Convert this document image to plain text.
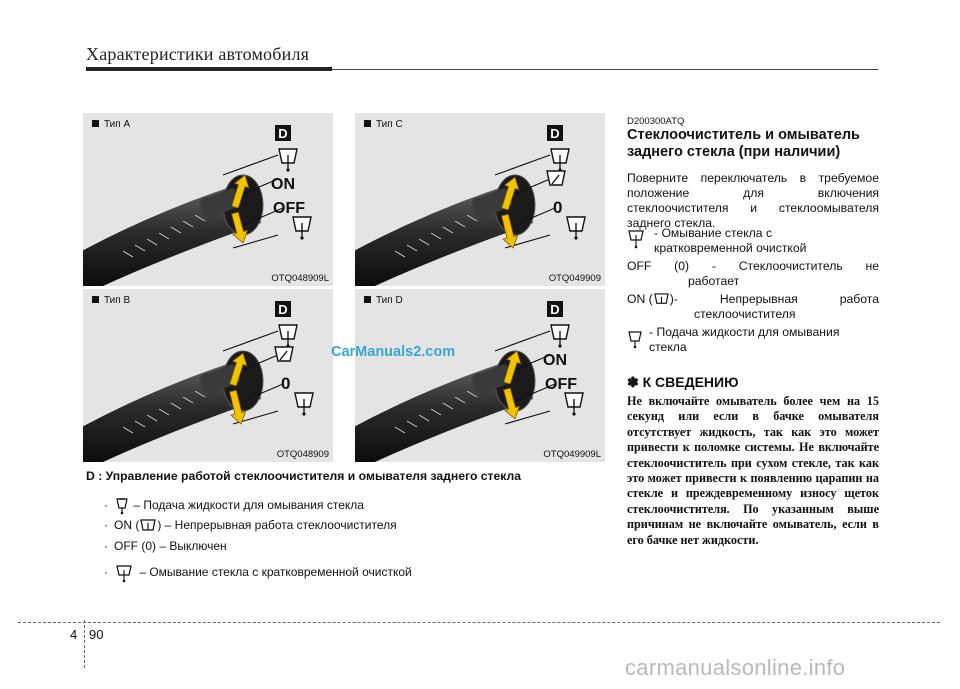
Характеристики автомобиля
D
ON
OFF
Тип A
OTQ048909L
D
0
Тип C
OTQ049909
D
0
Тип B
OTQ048909
D
ON
OFF
Тип D
OTQ049909L
D : Управление работой стеклоочистителя и омывателя заднего стекла
· – Подача жидкости для омывания стекла
· ON ( ) – Непрерывная работа стеклоочистителя
· OFF (0) – Выключен
·	– Омывание стекла с кратковременной очисткой
D200300ATQ
Стеклоочиститель и омыватель заднего стекла (при наличии)
Поверните переключатель в требуемое положение для включения стеклоочистителя и стеклоомывателя заднего стекла.
- Омывание стекла с кратковременной очисткой
OFF (0) - Стеклоочиститель не
работает
ON ( )- Непрерывная работа
стеклоочистителя
- Подача жидкости для омывания стекла
✽ К СВЕДЕНИЮ
Не включайте омыватель более чем на 15 секунд или если в бачке омывателя отсутствует жидкость, так как это может привести к поломке системы. Не включайте стеклоочиститель при сухом стекле, так как это может привести к появлению царапин на стекле и преждевременному износу щеток стеклоочистителя. По указанным выше причинам не включайте омыватель, если в его бачке нет жидкости.
4 90
CarManuals2.com
carmanualsonline.info
